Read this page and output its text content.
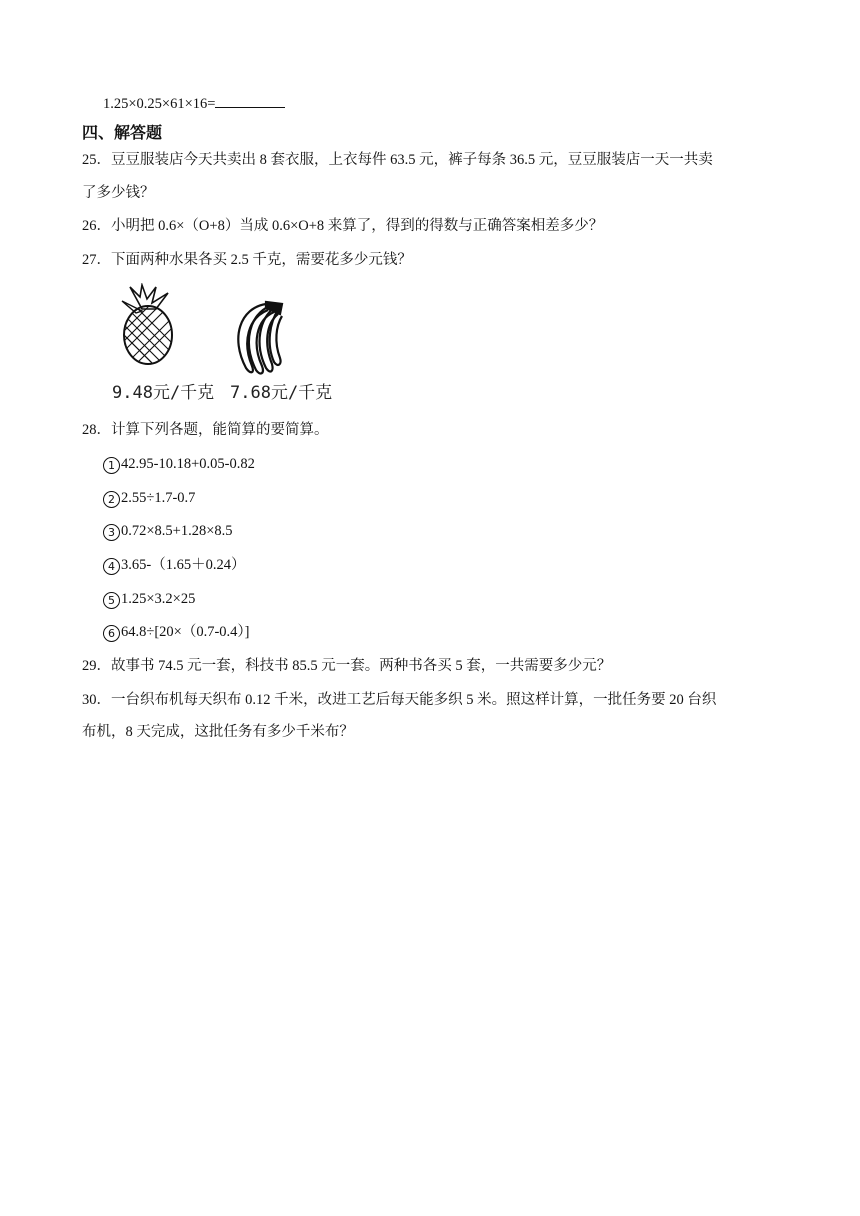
1.25×0.25×61×16=
四、解答题
25．豆豆服装店今天共卖出 8 套衣服，上衣每件 63.5 元，裤子每条 36.5 元，豆豆服装店一天一共卖
了多少钱？
26．小明把 0.6×（O+8）当成 0.6×O+8 来算了，得到的得数与正确答案相差多少？
27．下面两种水果各买 2.5 千克，需要花多少元钱？
9.48元/千克 7.68元/千克
28．计算下列各题，能简算的要简算。
1 42.95-10.18+0.05-0.82
2 2.55÷1.7-0.7
3 0.72×8.5+1.28×8.5
4 3.65-（1.65＋0.24）
5 1.25×3.2×25
6 64.8÷[20×（0.7-0.4）]
29．故事书 74.5 元一套，科技书 85.5 元一套。两种书各买 5 套，一共需要多少元？
30．一台织布机每天织布 0.12 千米，改进工艺后每天能多织 5 米。照这样计算，一批任务要 20 台织
布机，8 天完成，这批任务有多少千米布？
